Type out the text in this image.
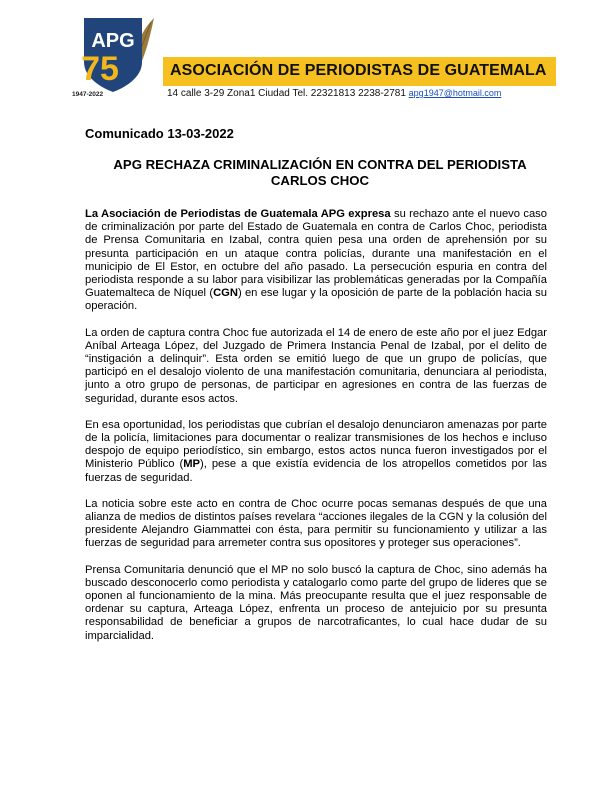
APG
75
1947-2022
ASOCIACIÓN DE PERIODISTAS DE GUATEMALA
14 calle 3-29 Zona1 Ciudad Tel. 22321813 2238-2781 apg1947@hotmail.com
Comunicado 13-03-2022
APG RECHAZA CRIMINALIZACIÓN EN CONTRA DEL PERIODISTA CARLOS CHOC

La Asociación de Periodistas de Guatemala APG expresa su rechazo ante el nuevo caso de criminalización por parte del Estado de Guatemala en contra de Carlos Choc, periodista de Prensa Comunitaria en Izabal, contra quien pesa una orden de aprehensión por su presunta participación en un ataque contra policías, durante una manifestación en el municipio de El Estor, en octubre del año pasado. La persecución espuria en contra del periodista responde a su labor para visibilizar las problemáticas generadas por la Compañía Guatemalteca de Níquel (CGN) en ese lugar y la oposición de parte de la población hacia su operación.

La orden de captura contra Choc fue autorizada el 14 de enero de este año por el juez Edgar Aníbal Arteaga López, del Juzgado de Primera Instancia Penal de Izabal, por el delito de “instigación a delinquir”. Esta orden se emitió luego de que un grupo de policías, que participó en el desalojo violento de una manifestación comunitaria, denunciara al periodista, junto a otro grupo de personas, de participar en agresiones en contra de las fuerzas de seguridad, durante esos actos.

En esa oportunidad, los periodistas que cubrían el desalojo denunciaron amenazas por parte de la policía, limitaciones para documentar o realizar transmisiones de los hechos e incluso despojo de equipo periodístico, sin embargo, estos actos nunca fueron investigados por el Ministerio Público (MP), pese a que existía evidencia de los atropellos cometidos por las fuerzas de seguridad.

La noticia sobre este acto en contra de Choc ocurre pocas semanas después de que una alianza de medios de distintos países revelara “acciones ilegales de la CGN y la colusión del presidente Alejandro Giammattei con ésta, para permitir su funcionamiento y utilizar a las fuerzas de seguridad para arremeter contra sus opositores y proteger sus operaciones”.

Prensa Comunitaria denunció que el MP no solo buscó la captura de Choc, sino además ha buscado desconocerlo como periodista y catalogarlo como parte del grupo de lideres que se oponen al funcionamiento de la mina. Más preocupante resulta que el juez responsable de ordenar su captura, Arteaga López, enfrenta un proceso de antejuicio por su presunta responsabilidad de beneficiar a grupos de narcotraficantes, lo cual hace dudar de su imparcialidad.
